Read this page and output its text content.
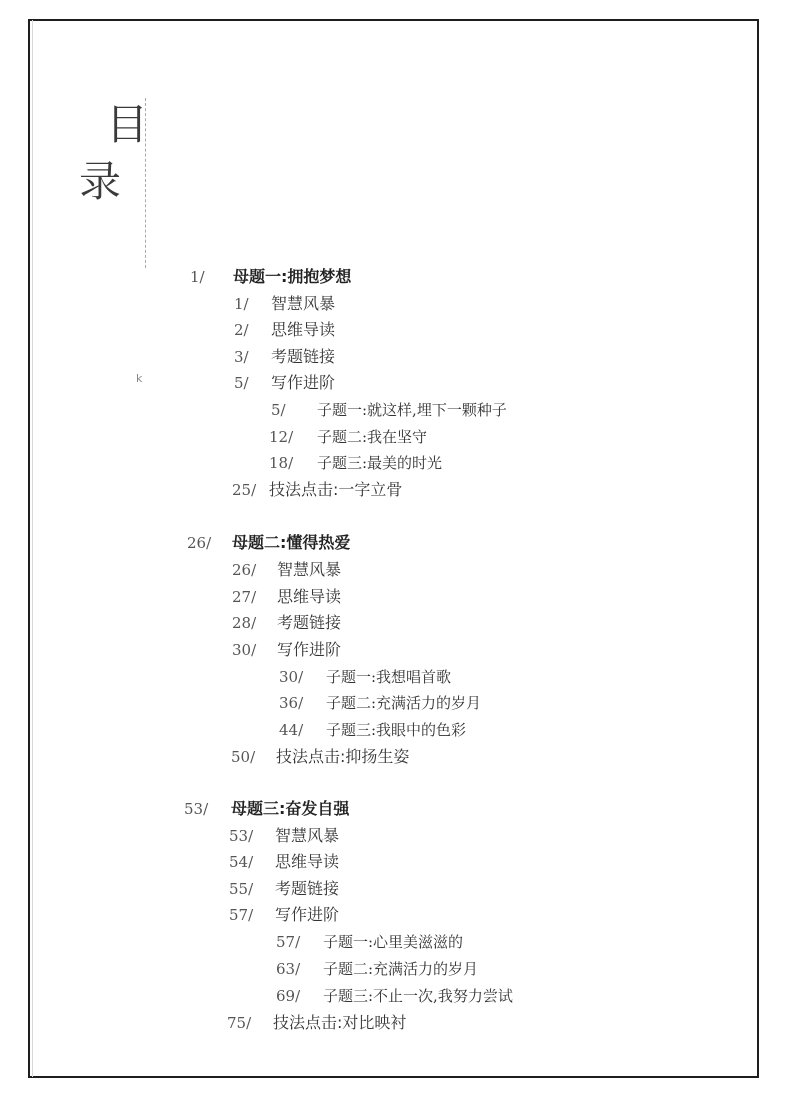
目
录
k
1/ 母题一:拥抱梦想
1/ 智慧风暴
2/ 思维导读
3/ 考题链接
5/ 写作进阶
5/ 子题一:就这样,埋下一颗种子
12/ 子题二:我在坚守
18/ 子题三:最美的时光
25/ 技法点击:一字立骨
26/ 母题二:懂得热爱
26/ 智慧风暴
27/ 思维导读
28/ 考题链接
30/ 写作进阶
30/ 子题一:我想唱首歌
36/ 子题二:充满活力的岁月
44/ 子题三:我眼中的色彩
50/ 技法点击:抑扬生姿
53/ 母题三:奋发自强
53/ 智慧风暴
54/ 思维导读
55/ 考题链接
57/ 写作进阶
57/ 子题一:心里美滋滋的
63/ 子题二:充满活力的岁月
69/ 子题三:不止一次,我努力尝试
75/ 技法点击:对比映衬
